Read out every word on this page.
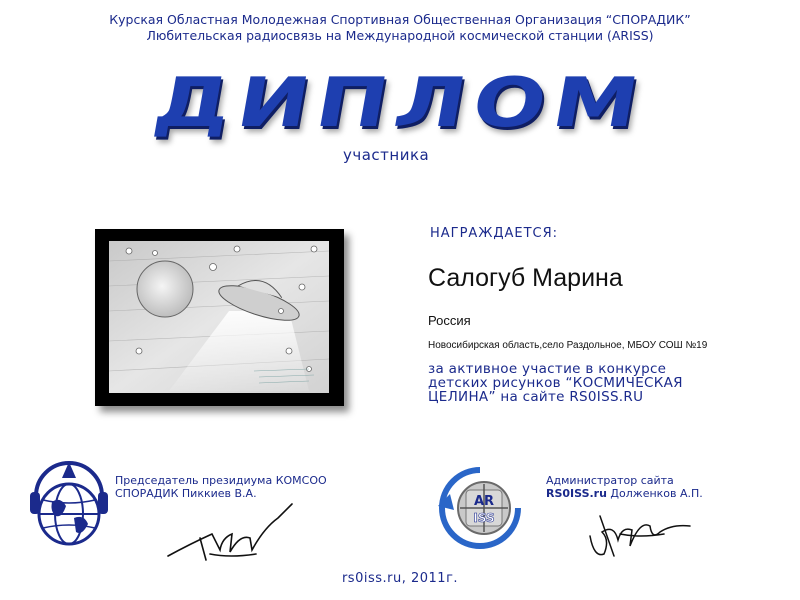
Курская Областная Молодежная Спортивная Общественная Организация “СПОРАДИК”
Любительская радиосвязь на Международной космической станции (ARISS)
ДИПЛОМ
участника
НАГРАЖДАЕТСЯ:
Салогуб Марина
Россия
Новосибирская область,село Раздольное, МБОУ СОШ №19
за активное участие в конкурсе
детских рисунков “КОСМИЧЕСКАЯ
ЦЕЛИНА” на сайте RS0ISS.RU
Председатель президиума КОМСОО
СПОРАДИК Пиккиев В.А.
AR
ISS
Администратор сайта
RS0ISS.ru Долженков А.П.
rs0iss.ru, 2011г.
